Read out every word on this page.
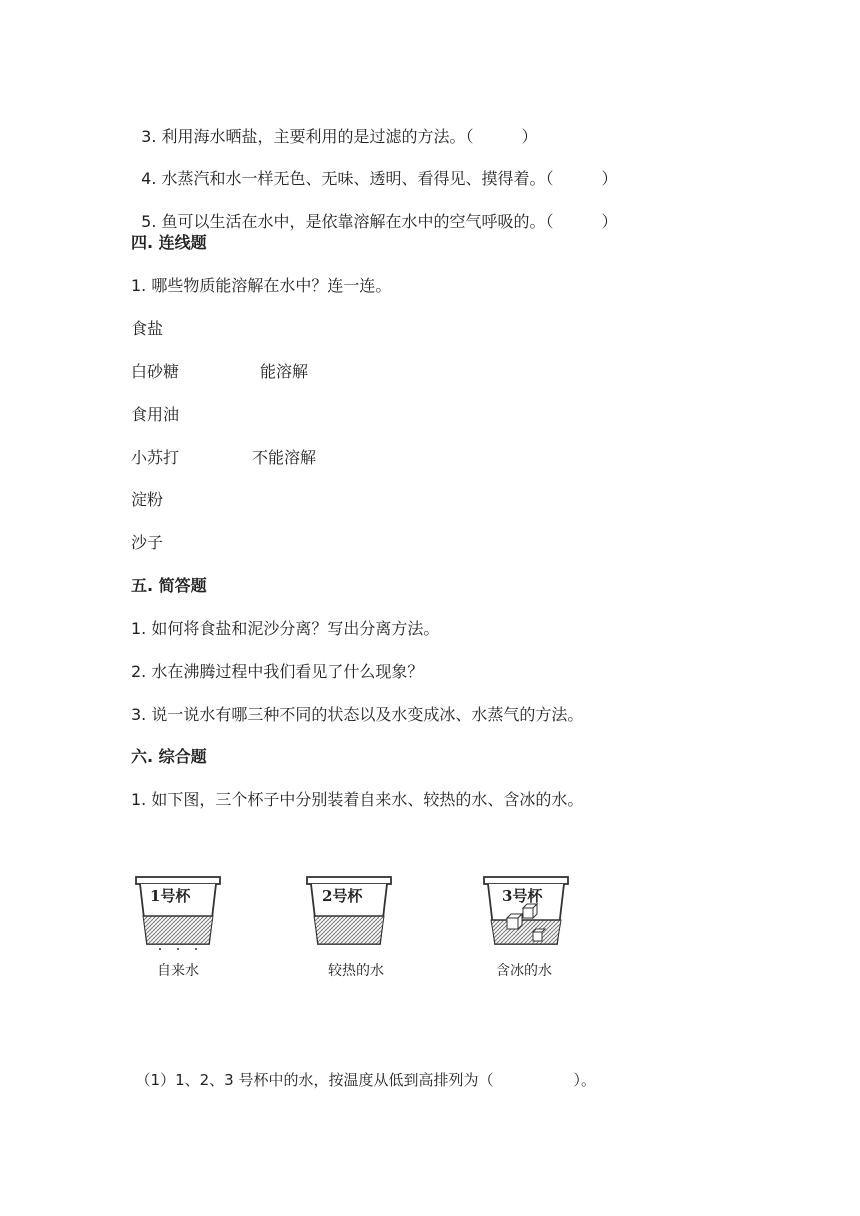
3. 利用海水晒盐，主要利用的是过滤的方法。（	）

4. 水蒸汽和水一样无色、无味、透明、看得见、摸得着。（	）

5. 鱼可以生活在水中，是依靠溶解在水中的空气呼吸的。（	）

四. 连线题
1. 哪些物质能溶解在水中？连一连。
食盐
白砂糖	能溶解
食用油
小苏打	不能溶解
淀粉
沙子
五. 简答题
1. 如何将食盐和泥沙分离？写出分离方法。
2. 水在沸腾过程中我们看见了什么现象？
3. 说一说水有哪三种不同的状态以及水变成冰、水蒸气的方法。
六. 综合题
1. 如下图，三个杯子中分别装着自来水、较热的水、含冰的水。
1号杯	2号杯	3号杯
自来水	较热的水	含冰的水

（1）1、2、3 号杯中的水，按温度从低到高排列为（	）。
